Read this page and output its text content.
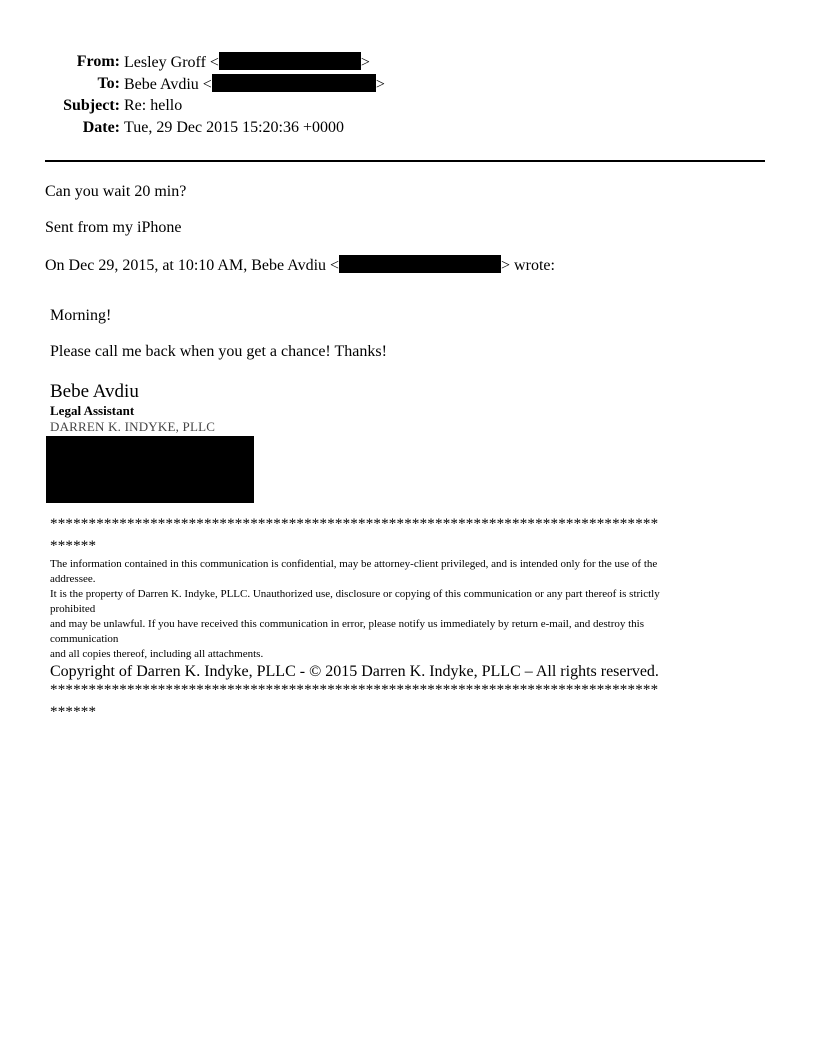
From: Lesley Groff <	>
To: Bebe Avdiu <	>
Subject: Re: hello
Date: Tue, 29 Dec 2015 15:20:36 +0000
Can you wait 20 min?
Sent from my iPhone
On Dec 29, 2015, at 10:10 AM, Bebe Avdiu <	> wrote:
Morning!
Please call me back when you get a chance! Thanks!
Bebe Avdiu
Legal Assistant
DARREN K. INDYKE, PLLC
*******************************************************************************
******
The information contained in this communication is confidential, may be attorney-client privileged, and is intended only for the use of the
addressee.
It is the property of Darren K. Indyke, PLLC. Unauthorized use, disclosure or copying of this communication or any part thereof is strictly
prohibited
and may be unlawful. If you have received this communication in error, please notify us immediately by return e-mail, and destroy this
communication
and all copies thereof, including all attachments.
Copyright of Darren K. Indyke, PLLC - © 2015 Darren K. Indyke, PLLC – All rights reserved.
*******************************************************************************
******
